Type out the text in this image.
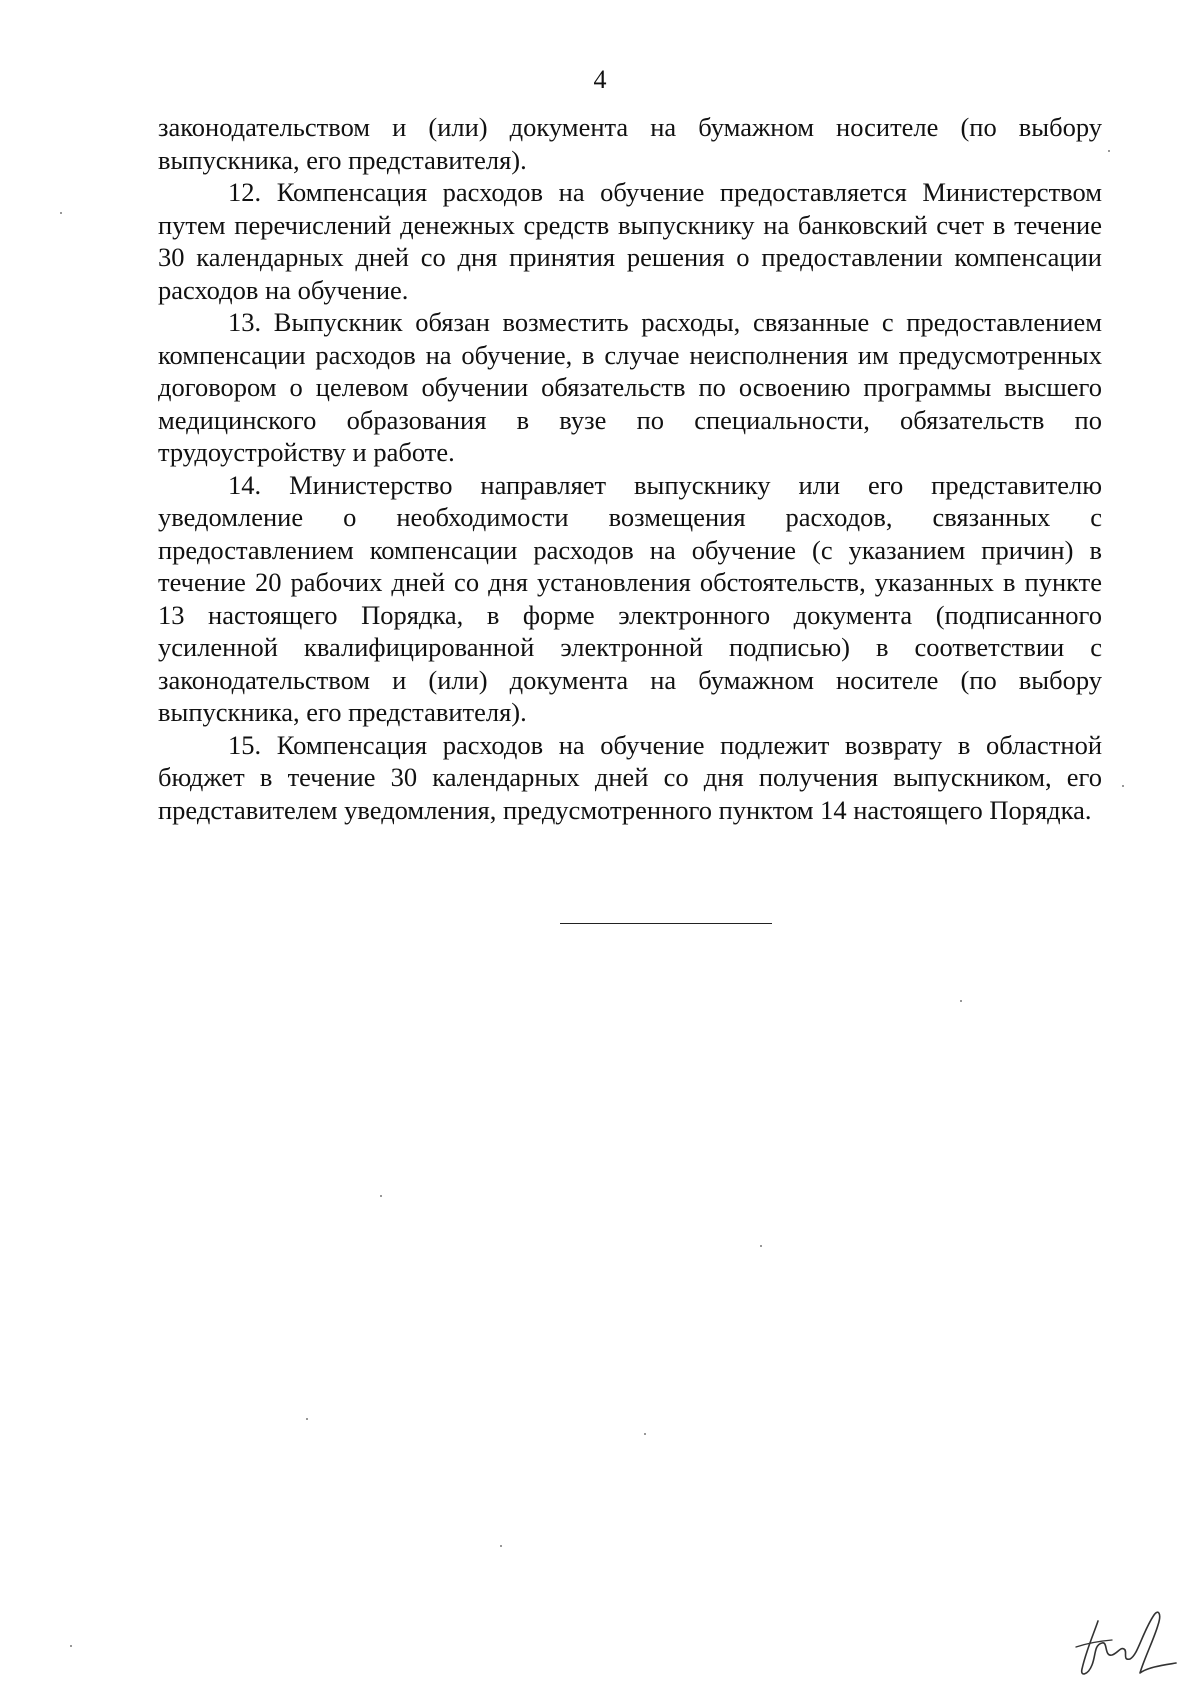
4

законодательством и (или) документа на бумажном носителе (по выбору выпускника, его представителя).

12. Компенсация расходов на обучение предоставляется Министерством путем перечислений денежных средств выпускнику на банковский счет в течение 30 календарных дней со дня принятия решения о предоставлении компенсации расходов на обучение.

13. Выпускник обязан возместить расходы, связанные с предоставлением компенсации расходов на обучение, в случае неисполнения им предусмотренных договором о целевом обучении обязательств по освоению программы высшего медицинского образования в вузе по специальности, обязательств по трудоустройству и работе.

14. Министерство направляет выпускнику или его представителю уведомление о необходимости возмещения расходов, связанных с предоставлением компенсации расходов на обучение (с указанием причин) в течение 20 рабочих дней со дня установления обстоятельств, указанных в пункте 13 настоящего Порядка, в форме электронного документа (подписанного усиленной квалифицированной электронной подписью) в соответствии с законодательством и (или) документа на бумажном носителе (по выбору выпускника, его представителя).

15. Компенсация расходов на обучение подлежит возврату в областной бюджет в течение 30 календарных дней со дня получения выпускником, его представителем уведомления, предусмотренного пунктом 14 настоящего Порядка.
